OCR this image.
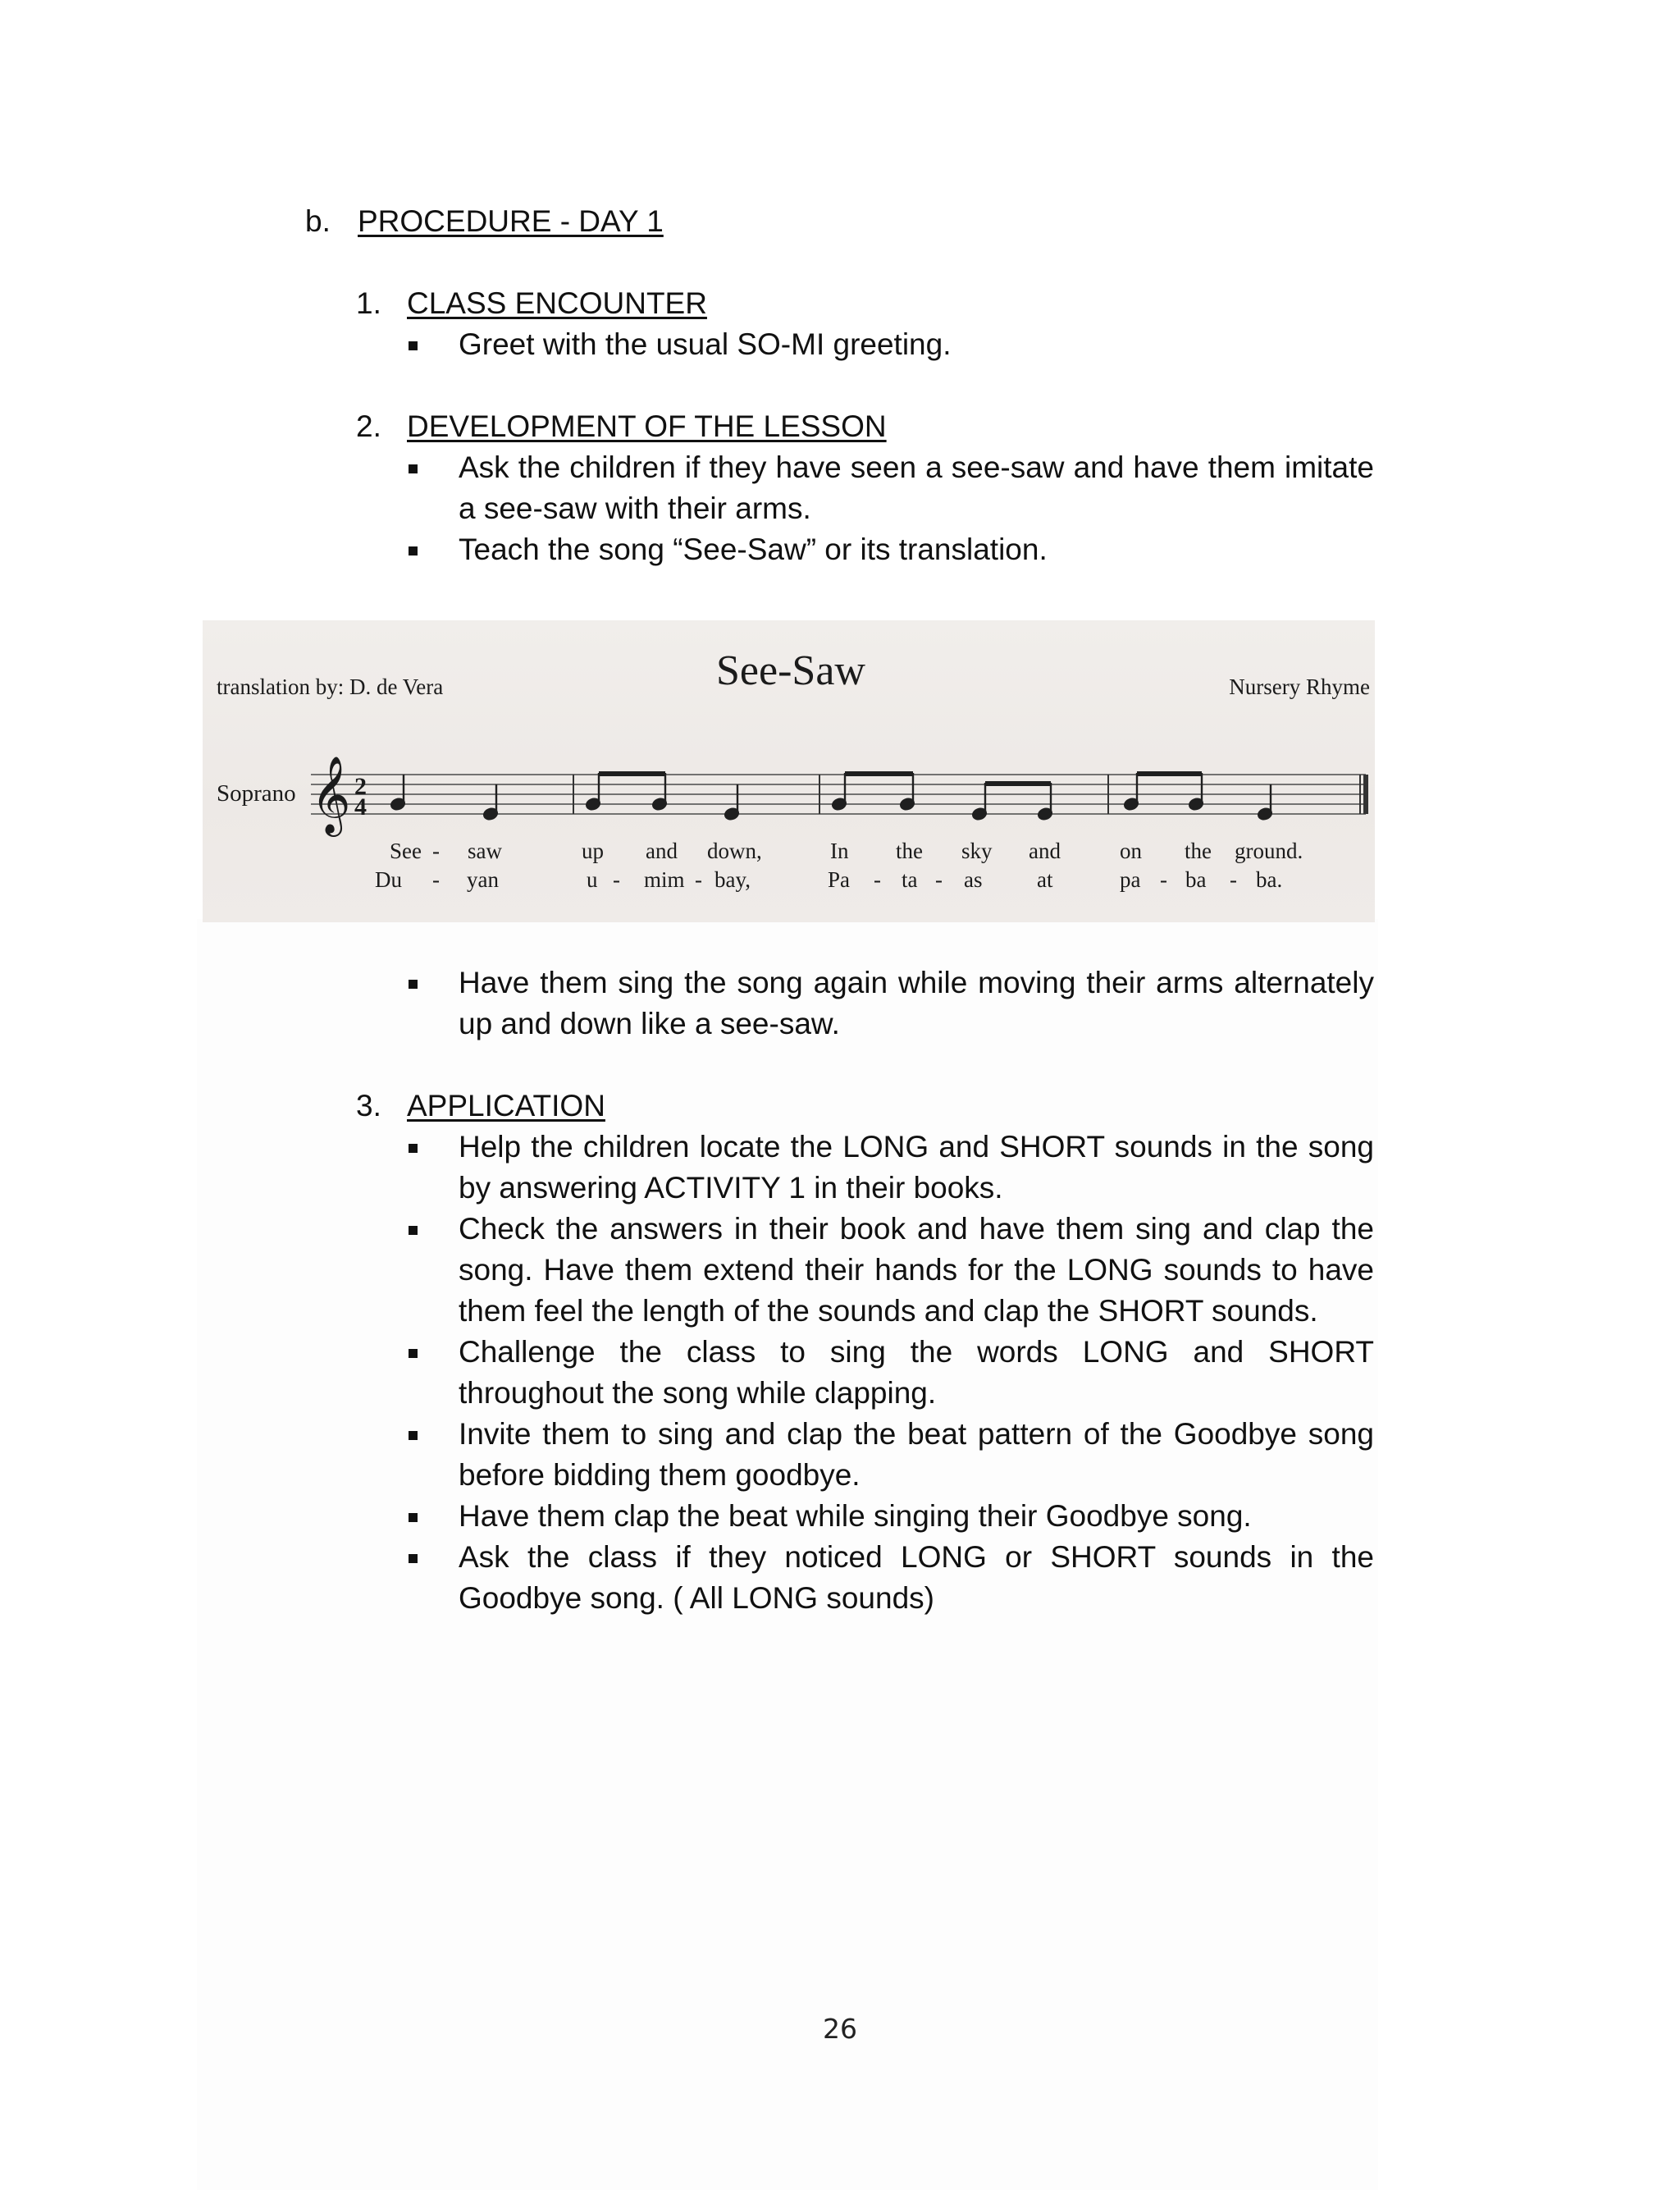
b. PROCEDURE - DAY 1
1. CLASS ENCOUNTER
Greet with the usual SO-MI greeting.
2. DEVELOPMENT OF THE LESSON
Ask the children if they have seen a see-saw and have them imitate a see-saw with their arms.
Teach the song “See-Saw” or its translation.
See-Saw
translation by: D. de Vera	Nursery Rhyme
Soprano 𝄞 2
4
See - saw	up and down,	In the sky and	on the ground.
Du - yan	u - mim - bay,	Pa - ta - as at	pa - ba - ba.
Have them sing the song again while moving their arms alternately up and down like a see-saw.
3. APPLICATION
Help the children locate the LONG and SHORT sounds in the song by answering ACTIVITY 1 in their books.
Check the answers in their book and have them sing and clap the song. Have them extend their hands for the LONG sounds to have them feel the length of the sounds and clap the SHORT sounds.
Challenge the class to sing the words LONG and SHORT throughout the song while clapping.
Invite them to sing and clap the beat pattern of the Goodbye song before bidding them goodbye.
Have them clap the beat while singing their Goodbye song.
Ask the class if they noticed LONG or SHORT sounds in the Goodbye song. ( All LONG sounds)
26
